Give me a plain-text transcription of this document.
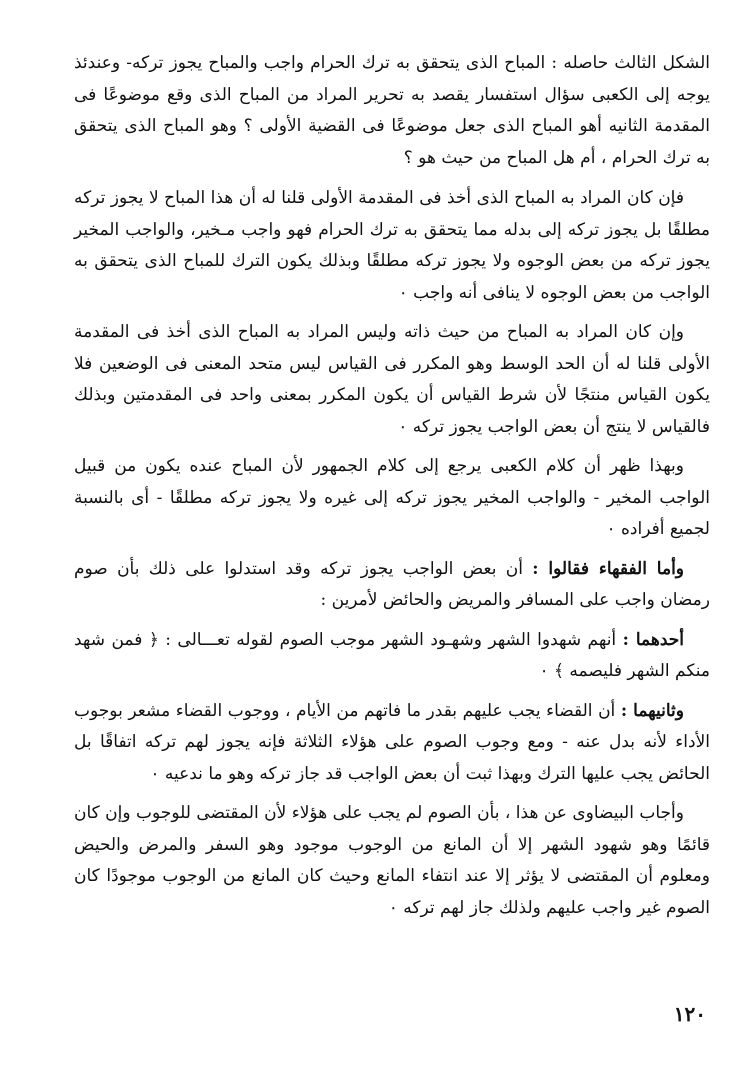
الشكل الثالث حاصله : المباح الذى يتحقق به ترك الحرام واجب والمباح يجوز تركه- وعندئذ يوجه إلى الكعبى سؤال استفسار يقصد به تحرير المراد من المباح الذى وقع موضوعًا فى المقدمة الثانيه أهو المباح الذى جعل موضوعًا فى القضية الأولى ؟ وهو المباح الذى يتحقق به ترك الحرام ، أم هل المباح من حيث هو ؟

فإن كان المراد به المباح الذى أخذ فى المقدمة الأولى قلنا له أن هذا المباح لا يجوز تركه مطلقًا بل يجوز تركه إلى بدله مما يتحقق به ترك الحرام فهو واجب مـخير، والواجب المخير يجوز تركه من بعض الوجوه ولا يجوز تركه مطلقًا وبذلك يكون الترك للمباح الذى يتحقق به الواجب من بعض الوجوه لا ينافى أنه واجب ٠

وإن كان المراد به المباح من حيث ذاته وليس المراد به المباح الذى أخذ فى المقدمة الأولى قلنا له أن الحد الوسط وهو المكرر فى القياس ليس متحد المعنى فى الوضعين فلا يكون القياس منتجًا لأن شرط القياس أن يكون المكرر بمعنى واحد فى المقدمتين وبذلك فالقياس لا ينتج أن بعض الواجب يجوز تركه ٠

وبهذا ظهر أن كلام الكعبى يرجع إلى كلام الجمهور لأن المباح عنده يكون من قبيل الواجب المخير - والواجب المخير يجوز تركه إلى غيره ولا يجوز تركه مطلقًا - أى بالنسبة لجميع أفراده ٠

وأما الفقهاء فقالوا : أن بعض الواجب يجوز تركه وقد استدلوا على ذلك بأن صوم رمضان واجب على المسافر والمريض والحائض لأمرين :

أحدهما : أنهم شهدوا الشهر وشهـود الشهر موجب الصوم لقوله تعـــالى : ﴿ فمن شهد منكم الشهر فليصمه ﴾ ٠

وثانيهما : أن القضاء يجب عليهم بقدر ما فاتهم من الأيام ، ووجوب القضاء مشعر بوجوب الأداء لأنه بدل عنه - ومع وجوب الصوم على هؤلاء الثلاثة فإنه يجوز لهم تركه اتفاقًا بل الحائض يجب عليها الترك وبهذا ثبت أن بعض الواجب قد جاز تركه وهو ما ندعيه ٠

وأجاب البيضاوى عن هذا ، بأن الصوم لم يجب على هؤلاء لأن المقتضى للوجوب وإن كان قائمًا وهو شهود الشهر إلا أن المانع من الوجوب موجود وهو السفر والمرض والحيض ومعلوم أن المقتضى لا يؤثر إلا عند انتفاء المانع وحيث كان المانع من الوجوب موجودًا كان الصوم غير واجب عليهم ولذلك جاز لهم تركه ٠

١٢٠
